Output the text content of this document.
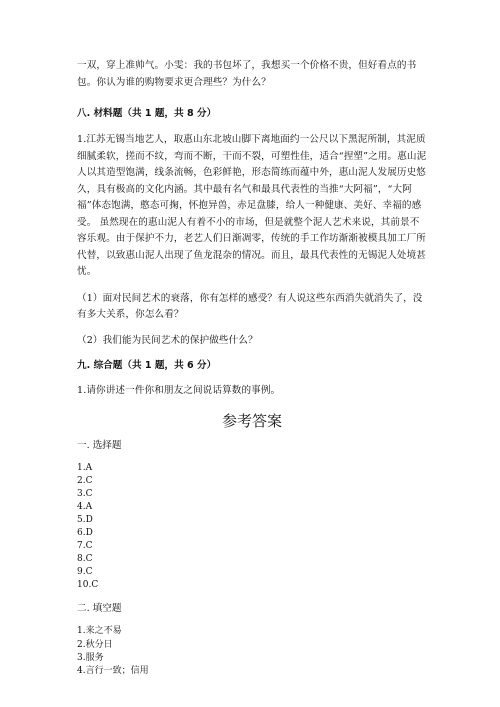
一双，穿上准帅气。小雯：我的书包坏了，我想买一个价格不贵，但好看点的书包。你认为谁的购物要求更合理些？为什么？

八. 材料题（共 1 题，共 8 分）

1.江苏无锡当地艺人，取惠山东北坡山脚下离地面约一公尺以下黑泥所制，其泥质细腻柔软，搓而不纹，弯而不断，干而不裂，可塑性佳，适合“捏塑”之用。惠山泥人以其造型饱满，线条流畅，色彩鲜艳，形态简练而蕴中外，惠山泥人发展历史悠久，具有极高的文化内涵。其中最有名气和最具代表性的当推“大阿福”，“大阿福”体态饱满，憨态可掬，怀抱异兽，赤足盘膝，给人一种健康、美好、幸福的感受。 虽然现在的惠山泥人有着不小的市场，但是就整个泥人艺术来说，其前景不容乐观。由于保护不力，老艺人们日渐凋零，传统的手工作坊渐渐被模具加工厂所代替，以致惠山泥人出现了鱼龙混杂的情况。而且，最具代表性的无锡泥人处境甚忧。

（1）面对民间艺术的衰落，你有怎样的感受？有人说这些东西消失就消失了，没有多大关系，你怎么看？

（2）我们能为民间艺术的保护做些什么？

九. 综合题（共 1 题，共 6 分）

1.请你讲述一件你和朋友之间说话算数的事例。

参考答案

一. 选择题

1.A

2.C

3.C

4.A

5.D

6.D

7.C

8.C

9.C

10.C

二. 填空题

1.来之不易

2.秋分日

3.服务

4.言行一致；信用
